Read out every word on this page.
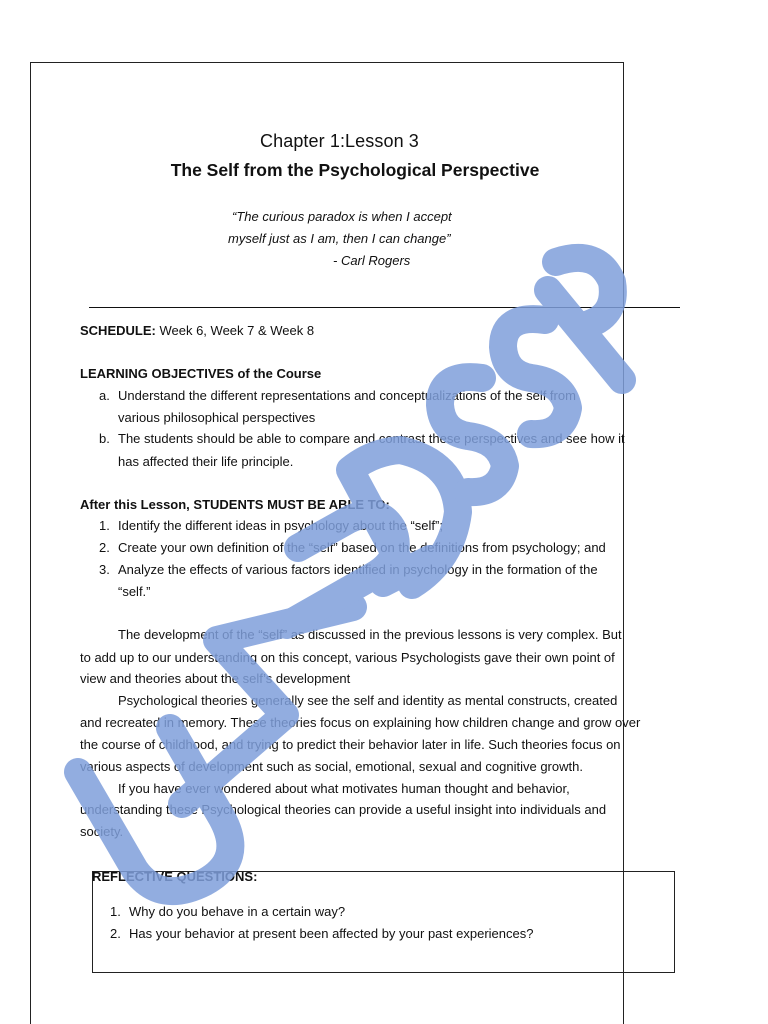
Chapter 1:Lesson 3
The Self from the Psychological Perspective
“The curious paradox is when I accept
myself just as I am, then I can change”
- Carl Rogers
SCHEDULE: Week 6, Week 7 & Week 8
LEARNING OBJECTIVES of the Course
a. Understand the different representations and conceptualizations of the self from
various philosophical perspectives
b. The students should be able to compare and contrast these perspectives and see how it
has affected their life principle.
After this Lesson, STUDENTS MUST BE ABLE TO:
1. Identify the different ideas in psychology about the “self”;
2. Create your own definition of the “self” based on the definitions from psychology; and
3. Analyze the effects of various factors identified in psychology in the formation of the
“self.”
The development of the “self” as discussed in the previous lessons is very complex. But
to add up to our understanding on this concept, various Psychologists gave their own point of
view and theories about the self’s development
Psychological theories generally see the self and identity as mental constructs, created
and recreated in memory. These theories focus on explaining how children change and grow over
the course of childhood, and trying to predict their behavior later in life. Such theories focus on
various aspects of development such as social, emotional, sexual and cognitive growth.
If you have ever wondered about what motivates human thought and behavior,
understanding these Psychological theories can provide a useful insight into individuals and
society.
REFLECTIVE QUESTIONS:
1. Why do you behave in a certain way?
2. Has your behavior at present been affected by your past experiences?
